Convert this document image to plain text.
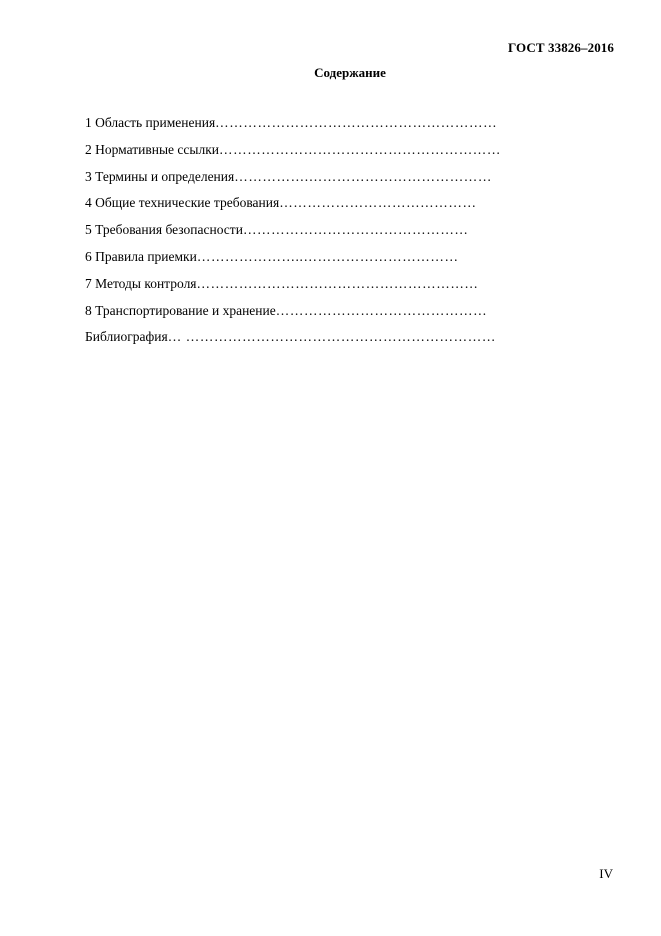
ГОСТ 33826–2016
Содержание
1 Область применения ……………………………………………………
2 Нормативные ссылки ……………………………………………………
3 Термины и определения …………….…………………………………
4 Общие технические требования ……………………………………
5 Требования безопасности …………………………………………
6 Правила приемки …………………..……………………………
7 Методы контроля ……………………………………………………
8 Транспортирование и хранение ………………………………………
Библиография … …………………………………………………………
IV
